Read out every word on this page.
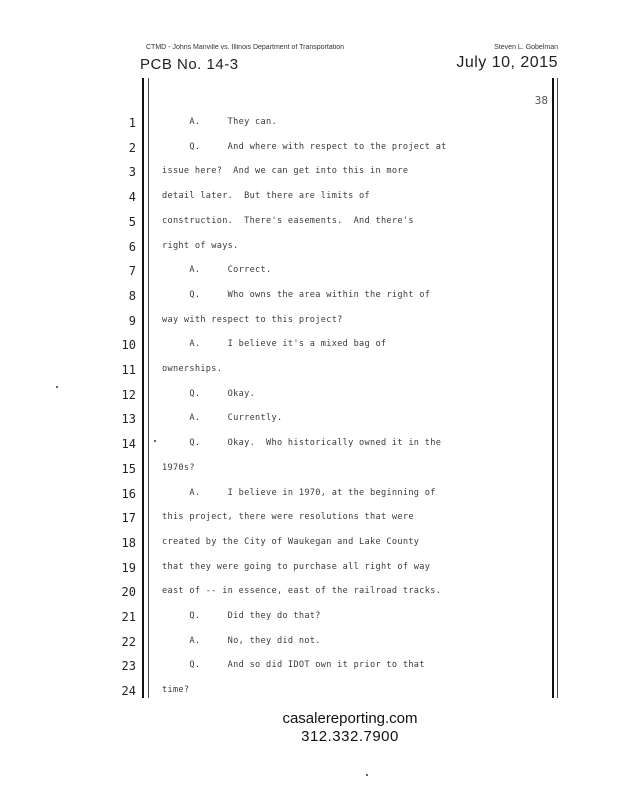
CTMD - Johns Manville vs. Illinois Department of Transportation	Steven L. Gobelman
PCB No. 14-3	July 10, 2015
38
1	A.     They can.
2	Q.     And where with respect to the project at
3	issue here?  And we can get into this in more
4	detail later.  But there are limits of
5	construction.  There's easements.  And there's
6	right of ways.
7	A.     Correct.
8	Q.     Who owns the area within the right of
9	way with respect to this project?
10	A.     I believe it's a mixed bag of
11	ownerships.
12	Q.     Okay.
13	A.     Currently.
14	Q.     Okay.  Who historically owned it in the
15	1970s?
16	A.     I believe in 1970, at the beginning of
17	this project, there were resolutions that were
18	created by the City of Waukegan and Lake County
19	that they were going to purchase all right of way
20	east of -- in essence, east of the railroad tracks.
21	Q.     Did they do that?
22	A.     No, they did not.
23	Q.     And so did IDOT own it prior to that
24	time?
casalereporting.com
312.332.7900
